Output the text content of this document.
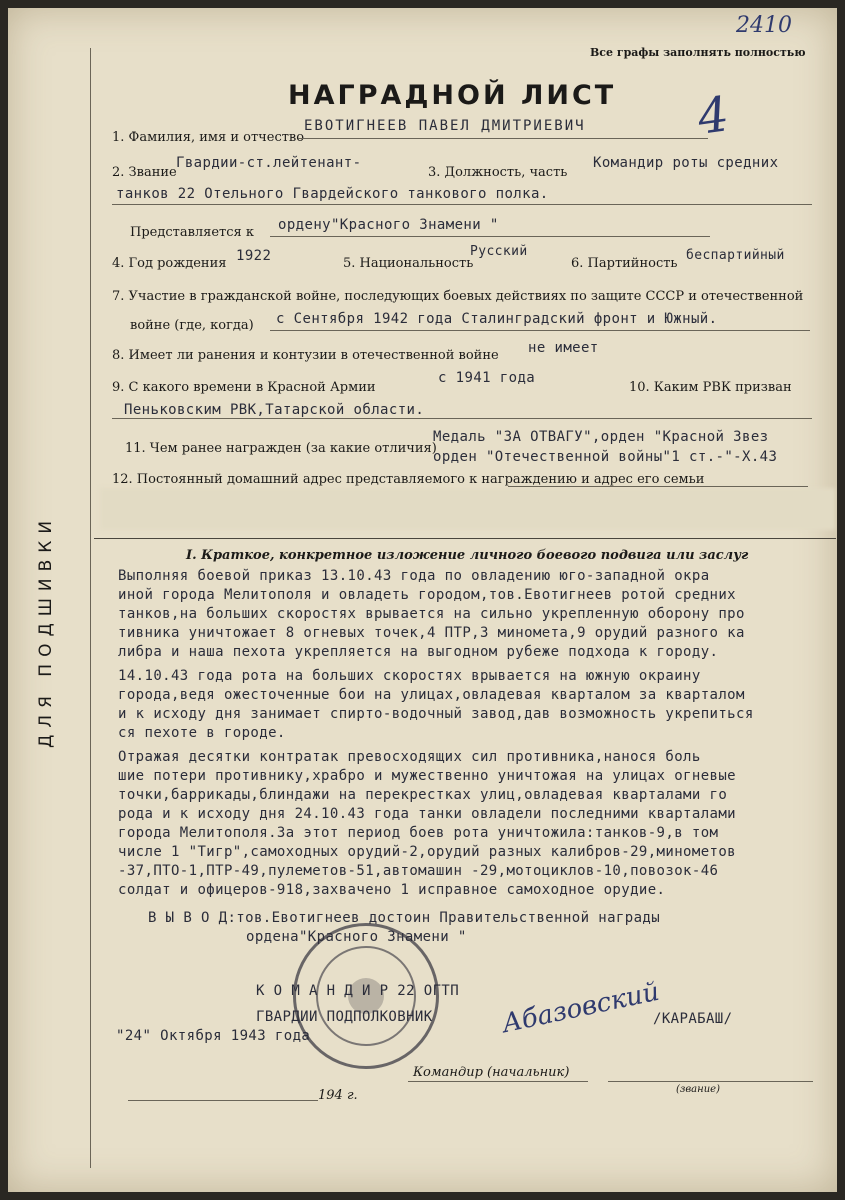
ДЛЯ ПОДШИВКИ
2410
Все графы заполнять полностью
НАГРАДНОЙ ЛИСТ 4
1. Фамилия, имя и отчество
ЕВОТИГНЕЕВ ПАВЕЛ ДМИТРИЕВИЧ
2. Звание
Гвардии-ст.лейтенант-
3. Должность, часть
Командир роты средних
танков 22 Отельного Гвардейского танкового полка.
Представляется к ордену"Красного Знамени "
4. Год рождения 1922	5. Национальность
Русский
6. Партийность
беспартийный
7. Участие в гражданской войне, последующих боевых действиях по защите СССР и отечественной
войне (где, когда) с Сентября 1942 года Сталинградский фронт и Южный.
8. Имеет ли ранения и контузии в отечественной войне не имеет
9. С какого времени в Красной Армии
с 1941 года
10. Каким РВК призван
Пеньковским РВК,Татарской области.
11. Чем ранее награжден (за какие отличия)
Медаль "ЗА ОТВАГУ",орден "Красной Звез
орден "Отечественной войны"1 ст.-"-Х.43
12. Постоянный домашний адрес представляемого к награждению и адрес его семьи
I. Краткое, конкретное изложение личного боевого подвига или заслуг
Выполняя боевой приказ 13.10.43 года по овладению юго-западной окра
иной города Мелитополя и овладеть городом,тов.Евотигнеев ротой средних
танков,на больших скоростях врывается на сильно укрепленную оборону про
тивника уничтожает 8 огневых точек,4 ПТР,3 миномета,9 орудий разного ка
либра и наша пехота укрепляется на выгодном рубеже подхода к городу.
14.10.43 года рота на больших скоростях врывается на южную окраину
города,ведя ожесточенные бои на улицах,овладевая кварталом за кварталом
и к исходу дня занимает спирто-водочный завод,дав возможность укрепиться
ся пехоте в городе.
Отражая десятки контратак превосходящих сил противника,нанося боль
шие потери противнику,храбро и мужественно уничтожая на улицах огневые
точки,баррикады,блиндажи на перекрестках улиц,овладевая кварталами го
рода и к исходу дня 24.10.43 года танки овладели последними кварталами
города Мелитополя.За этот период боев рота уничтожила:танков-9,в том
числе 1 "Тигр",самоходных орудий-2,орудий разных калибров-29,минометов
-37,ПТО-1,ПТР-49,пулеметов-51,автомашин -29,мотоциклов-10,повозок-46
солдат и офицеров-918,захвачено 1 исправное самоходное орудие.
В Ы В О Д:тов.Евотигнеев достоин Правительственной награды
ордена"Красного Знамени "
К О М А Н Д И Р 22 ОГТП
ГВАРДИИ ПОДПОЛКОВНИК	Абазовский
/КАРАБАШ/
"24" Октября 1943 года
Командир (начальник)
(звание)
194 г.
